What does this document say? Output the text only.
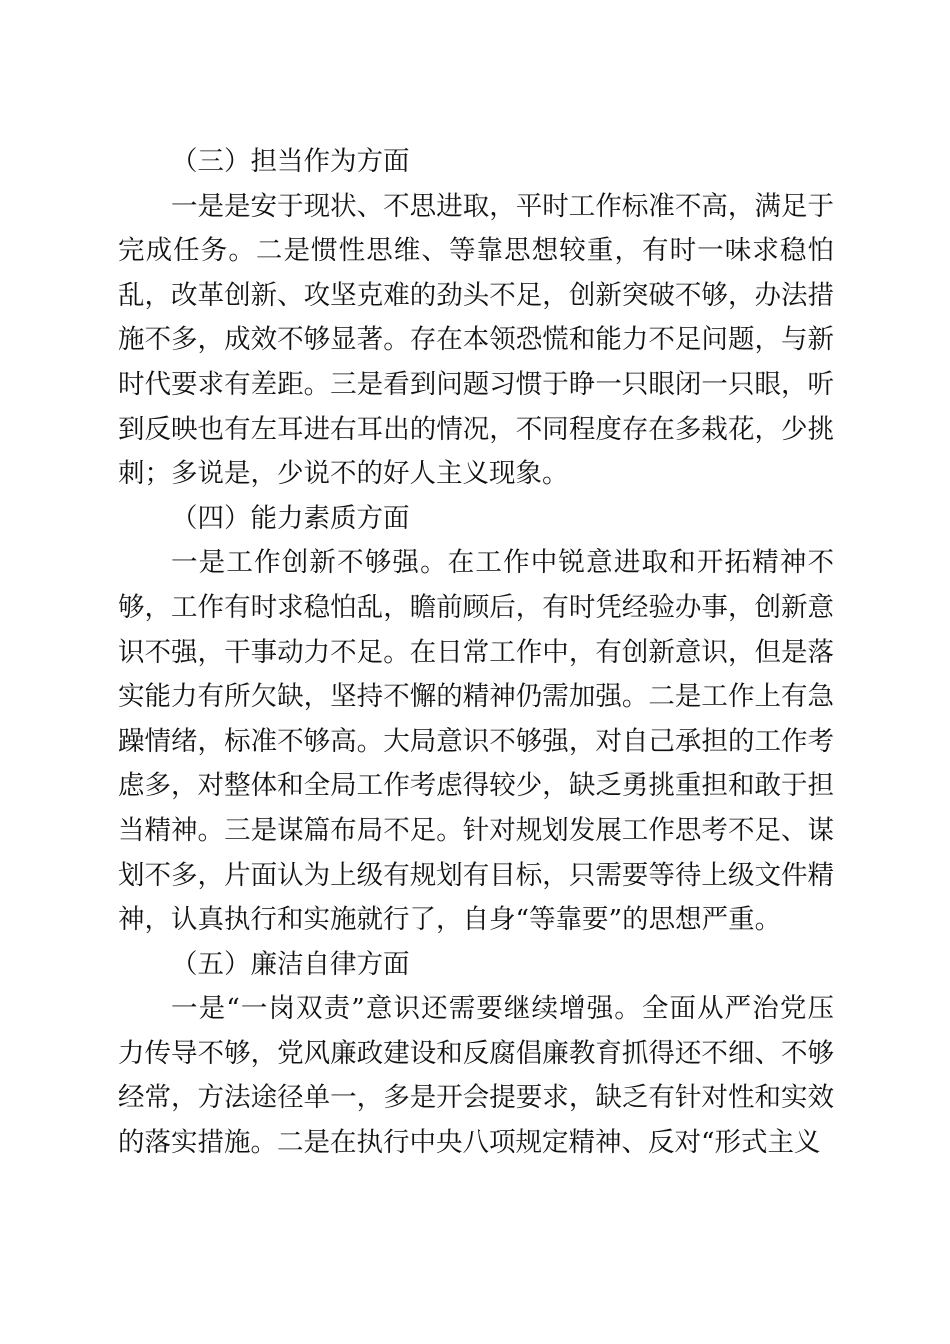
（三）担当作为方面

一是是安于现状、不思进取，平时工作标准不高，满足于完成任务。二是惯性思维、等靠思想较重，有时一味求稳怕乱，改革创新、攻坚克难的劲头不足，创新突破不够，办法措施不多，成效不够显著。存在本领恐慌和能力不足问题，与新时代要求有差距。三是看到问题习惯于睁一只眼闭一只眼，听到反映也有左耳进右耳出的情况，不同程度存在多栽花，少挑刺；多说是，少说不的好人主义现象。

（四）能力素质方面

一是工作创新不够强。在工作中锐意进取和开拓精神不够，工作有时求稳怕乱，瞻前顾后，有时凭经验办事，创新意识不强，干事动力不足。在日常工作中，有创新意识，但是落实能力有所欠缺，坚持不懈的精神仍需加强。二是工作上有急躁情绪，标准不够高。大局意识不够强，对自己承担的工作考虑多，对整体和全局工作考虑得较少，缺乏勇挑重担和敢于担当精神。三是谋篇布局不足。针对规划发展工作思考不足、谋划不多，片面认为上级有规划有目标，只需要等待上级文件精神，认真执行和实施就行了，自身“等靠要”的思想严重。

（五）廉洁自律方面

一是“一岗双责”意识还需要继续增强。全面从严治党压力传导不够，党风廉政建设和反腐倡廉教育抓得还不细、不够经常，方法途径单一，多是开会提要求，缺乏有针对性和实效的落实措施。二是在执行中央八项规定精神、反对“形式主义
